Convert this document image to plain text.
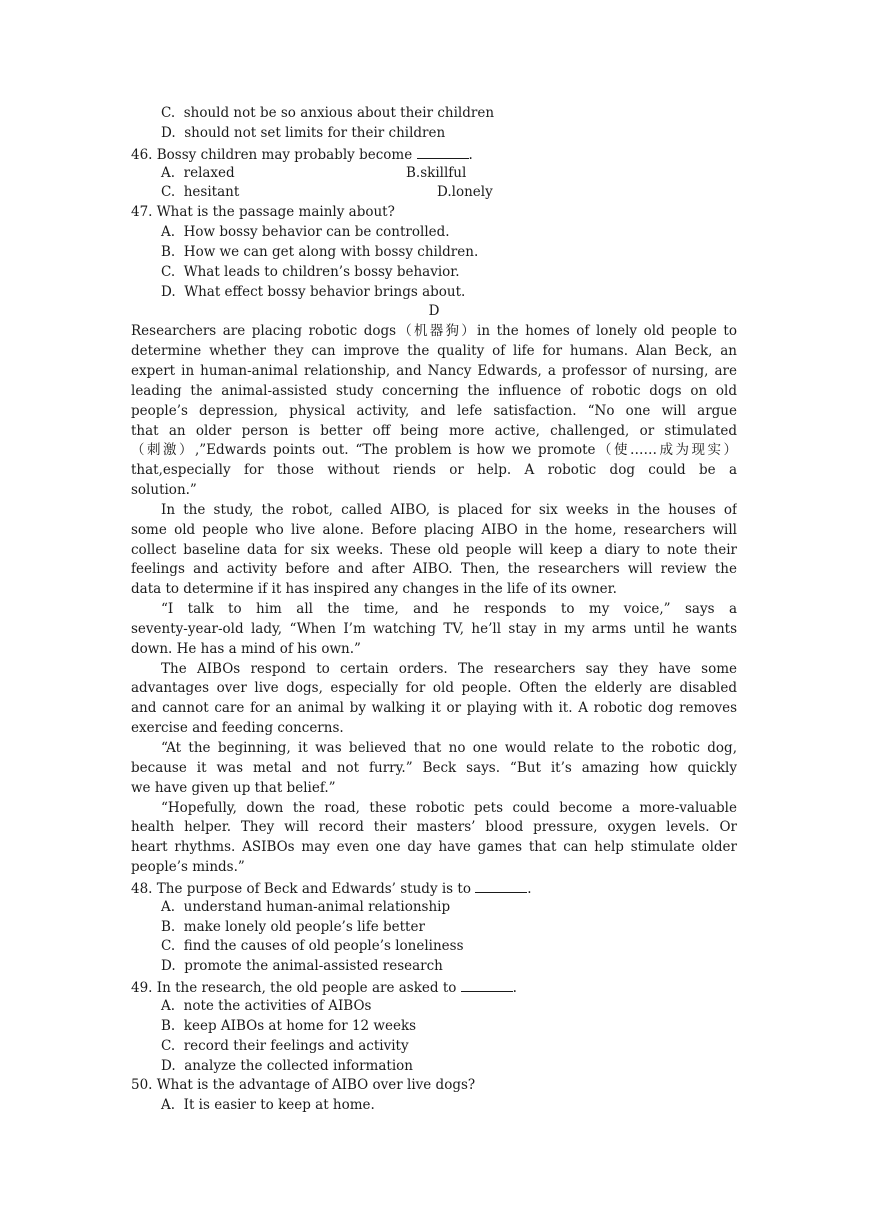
C.  should not be so anxious about their children
D.  should not set limits for their children
46. Bossy children may probably become	.
A.  relaxed	B.skillful
C.  hesitant	D.lonely
47. What is the passage mainly about?
A.  How bossy behavior can be controlled.
B.  How we can get along with bossy children.
C.  What leads to children’s bossy behavior.
D.  What effect bossy behavior brings about.
D
Researchers are placing robotic dogs（机器狗）in the homes of lonely old people to
determine whether they can improve the quality of life for humans. Alan Beck, an
expert in human-animal relationship, and Nancy Edwards, a professor of nursing, are
leading the animal-assisted study concerning the influence of robotic dogs on old
people’s depression, physical activity, and lefe satisfaction. “No one will argue
that an older person is better off being more active, challenged, or stimulated
（刺激）,”Edwards points out. “The problem is how we promote（使……成为现实）
that,especially for those without riends or help. A robotic dog could be a
solution.”
In the study, the robot, called AIBO, is placed for six weeks in the houses of
some old people who live alone. Before placing AIBO in the home, researchers will
collect baseline data for six weeks. These old people will keep a diary to note their
feelings and activity before and after AIBO. Then, the researchers will review the
data to determine if it has inspired any changes in the life of its owner.
“I talk to him all the time, and he responds to my voice,” says a
seventy-year-old lady, “When I’m watching TV, he’ll stay in my arms until he wants
down. He has a mind of his own.”
The AIBOs respond to certain orders. The researchers say they have some
advantages over live dogs, especially for old people. Often the elderly are disabled
and cannot care for an animal by walking it or playing with it. A robotic dog removes
exercise and feeding concerns.
“At the beginning, it was believed that no one would relate to the robotic dog,
because it was metal and not furry.” Beck says. “But it’s amazing how quickly
we have given up that belief.”
“Hopefully, down the road, these robotic pets could become a more-valuable
health helper. They will record their masters’ blood pressure, oxygen levels. Or
heart rhythms. ASIBOs may even one day have games that can help stimulate older
people’s minds.”
48. The purpose of Beck and Edwards’ study is to	.
A.  understand human-animal relationship
B.  make lonely old people’s life better
C.  find the causes of old people’s loneliness
D.  promote the animal-assisted research
49. In the research, the old people are asked to	.
A.  note the activities of AIBOs
B.  keep AIBOs at home for 12 weeks
C.  record their feelings and activity
D.  analyze the collected information
50. What is the advantage of AIBO over live dogs?
A.  It is easier to keep at home.
